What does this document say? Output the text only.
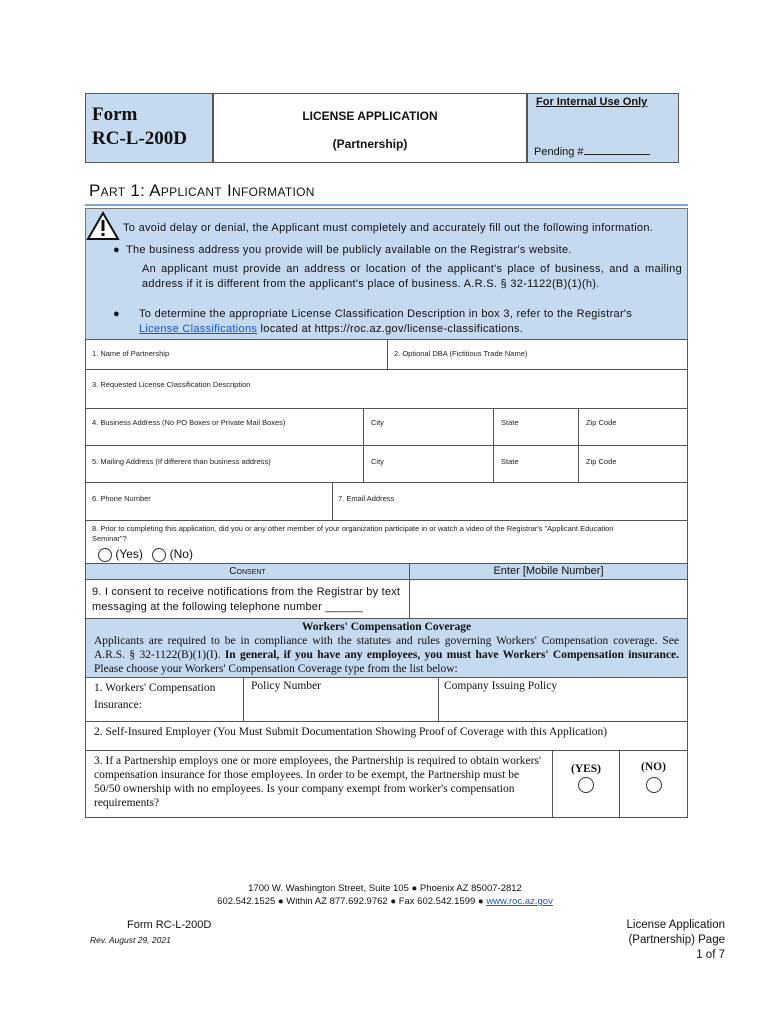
Form
RC-L-200D
LICENSE APPLICATION
(Partnership)
For Internal Use Only
Pending #
Part 1: Applicant Information
To avoid delay or denial, the Applicant must completely and accurately fill out the following information.
● The business address you provide will be publicly available on the Registrar's website.
An applicant must provide an address or location of the applicant's place of business, and a mailing address if it is different from the applicant's place of business. A.R.S. § 32-1122(B)(1)(h).
● To determine the appropriate License Classification Description in box 3, refer to the Registrar's
License Classifications located at https://roc.az.gov/license-classifications.
1. Name of Partnership	2. Optional DBA (Fictitious Trade Name)
3. Requested License Classification Description
4. Business Address (No PO Boxes or Private Mail Boxes)	City	State	Zip Code
5. Mailing Address (If different than business address)	City	State	Zip Code
6. Phone Number	7. Email Address
8. Prior to completing this application, did you or any other member of your organization participate in or watch a video of the Registrar's "Applicant Education Seminar"?
(Yes) (No)
Consent	Enter [Mobile Number]
9. I consent to receive notifications from the Registrar by text messaging at the following telephone number ______
Workers' Compensation Coverage
Applicants are required to be in compliance with the statutes and rules governing Workers' Compensation coverage. See A.R.S. § 32-1122(B)(1)(I). In general, if you have any employees, you must have Workers' Compensation insurance. Please choose your Workers' Compensation Coverage type from the list below:
1. Workers' Compensation Insurance:
Policy Number	Company Issuing Policy
2. Self-Insured Employer (You Must Submit Documentation Showing Proof of Coverage with this Application)
3. If a Partnership employs one or more employees, the Partnership is required to obtain workers' compensation insurance for those employees. In order to be exempt, the Partnership must be 50/50 ownership with no employees. Is your company exempt from worker's compensation requirements?
(YES)	(NO)
1700 W. Washington Street, Suite 105 ● Phoenix AZ 85007-2812
602.542.1525 ● Within AZ 877.692.9762 ● Fax 602.542.1599 ● www.roc.az.gov
Form RC-L-200D
Rev. August 29, 2021
License Application
(Partnership) Page
1 of 7
